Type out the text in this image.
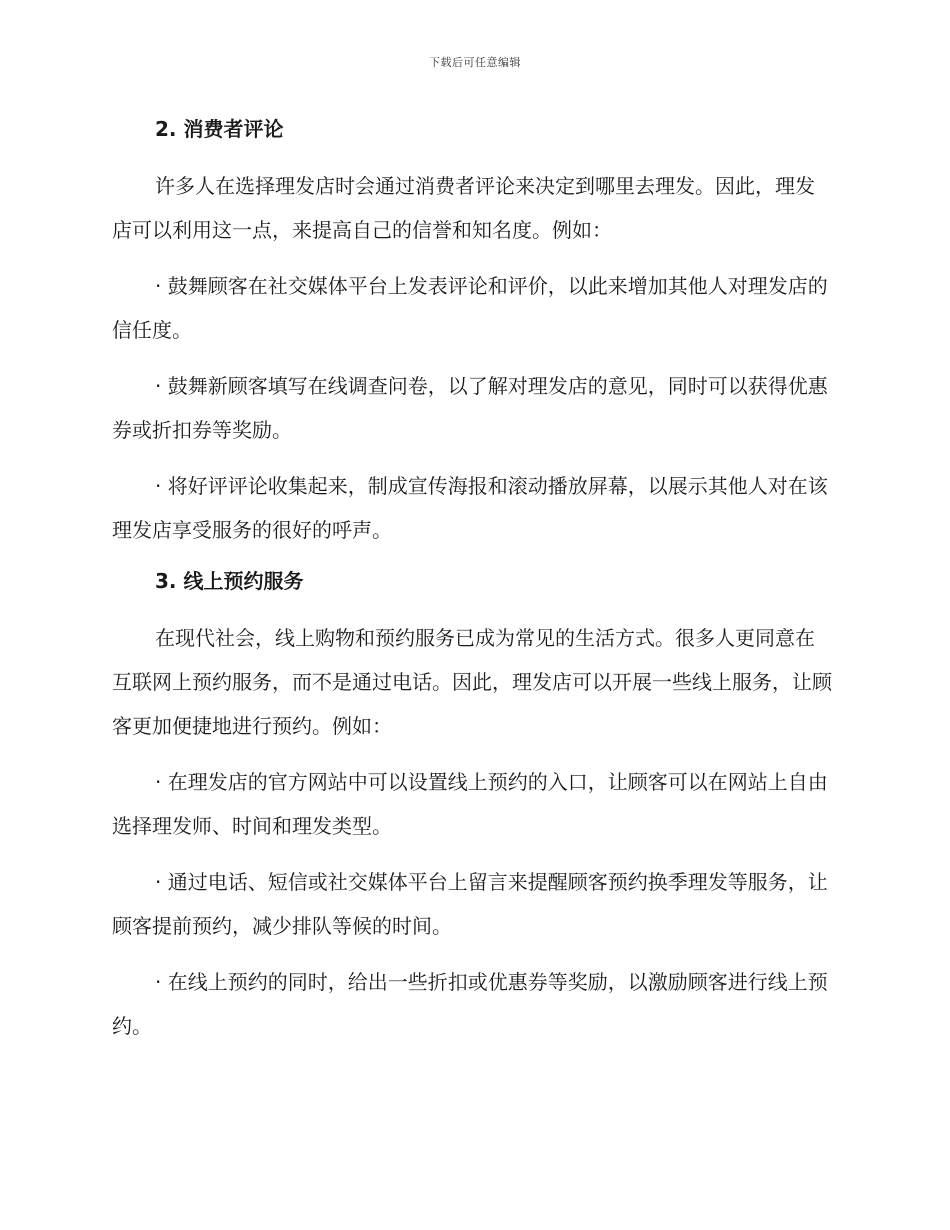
下载后可任意编辑
2. 消费者评论

许多人在选择理发店时会通过消费者评论来决定到哪里去理发。因此，理发店可以利用这一点，来提高自己的信誉和知名度。例如：

· 鼓舞顾客在社交媒体平台上发表评论和评价，以此来增加其他人对理发店的信任度。

· 鼓舞新顾客填写在线调查问卷，以了解对理发店的意见，同时可以获得优惠券或折扣券等奖励。

· 将好评评论收集起来，制成宣传海报和滚动播放屏幕，以展示其他人对在该理发店享受服务的很好的呼声。

3. 线上预约服务

在现代社会，线上购物和预约服务已成为常见的生活方式。很多人更同意在互联网上预约服务，而不是通过电话。因此，理发店可以开展一些线上服务，让顾客更加便捷地进行预约。例如：

· 在理发店的官方网站中可以设置线上预约的入口，让顾客可以在网站上自由选择理发师、时间和理发类型。

· 通过电话、短信或社交媒体平台上留言来提醒顾客预约换季理发等服务，让顾客提前预约，减少排队等候的时间。

· 在线上预约的同时，给出一些折扣或优惠券等奖励，以激励顾客进行线上预约。
